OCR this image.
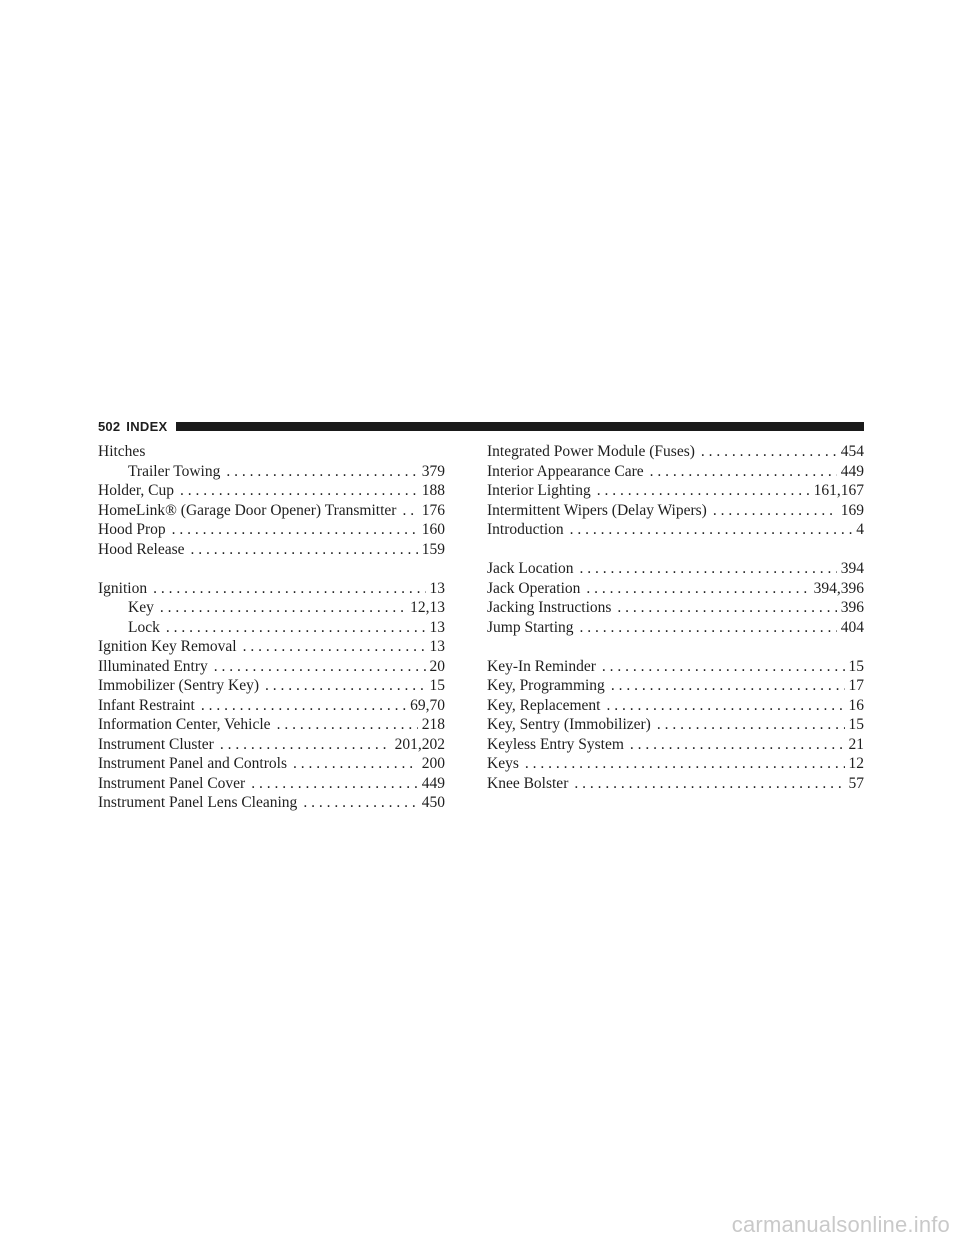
502 INDEX
Hitches
Trailer Towing . . .	379
Holder, Cup . . .	188
HomeLink® (Garage Door Opener) Transmitter . . . 176
Hood Prop . . .	160
Hood Release . . .	159
Ignition . . .	13
Key . . .	12,13
Lock . . .	13
Ignition Key Removal . . .	13
Illuminated Entry . . .	20
Immobilizer (Sentry Key) . . .	15
Infant Restraint . . .	69,70
Information Center, Vehicle . . .	218
Instrument Cluster . . .	201,202
Instrument Panel and Controls . . .	200
Instrument Panel Cover . . .	449
Instrument Panel Lens Cleaning . . .	450
Integrated Power Module (Fuses) . . .	454
Interior Appearance Care . . .	449
Interior Lighting . . .	161,167
Intermittent Wipers (Delay Wipers) . . .	169
Introduction . . .	4
Jack Location . . .	394
Jack Operation . . .	394,396
Jacking Instructions . . .	396
Jump Starting . . .	404
Key-In Reminder . . .	15
Key, Programming . . .	17
Key, Replacement . . .	16
Key, Sentry (Immobilizer) . . .	15
Keyless Entry System . . .	21
Keys . . .	12
Knee Bolster . . .	57
carmanualsonline.info
